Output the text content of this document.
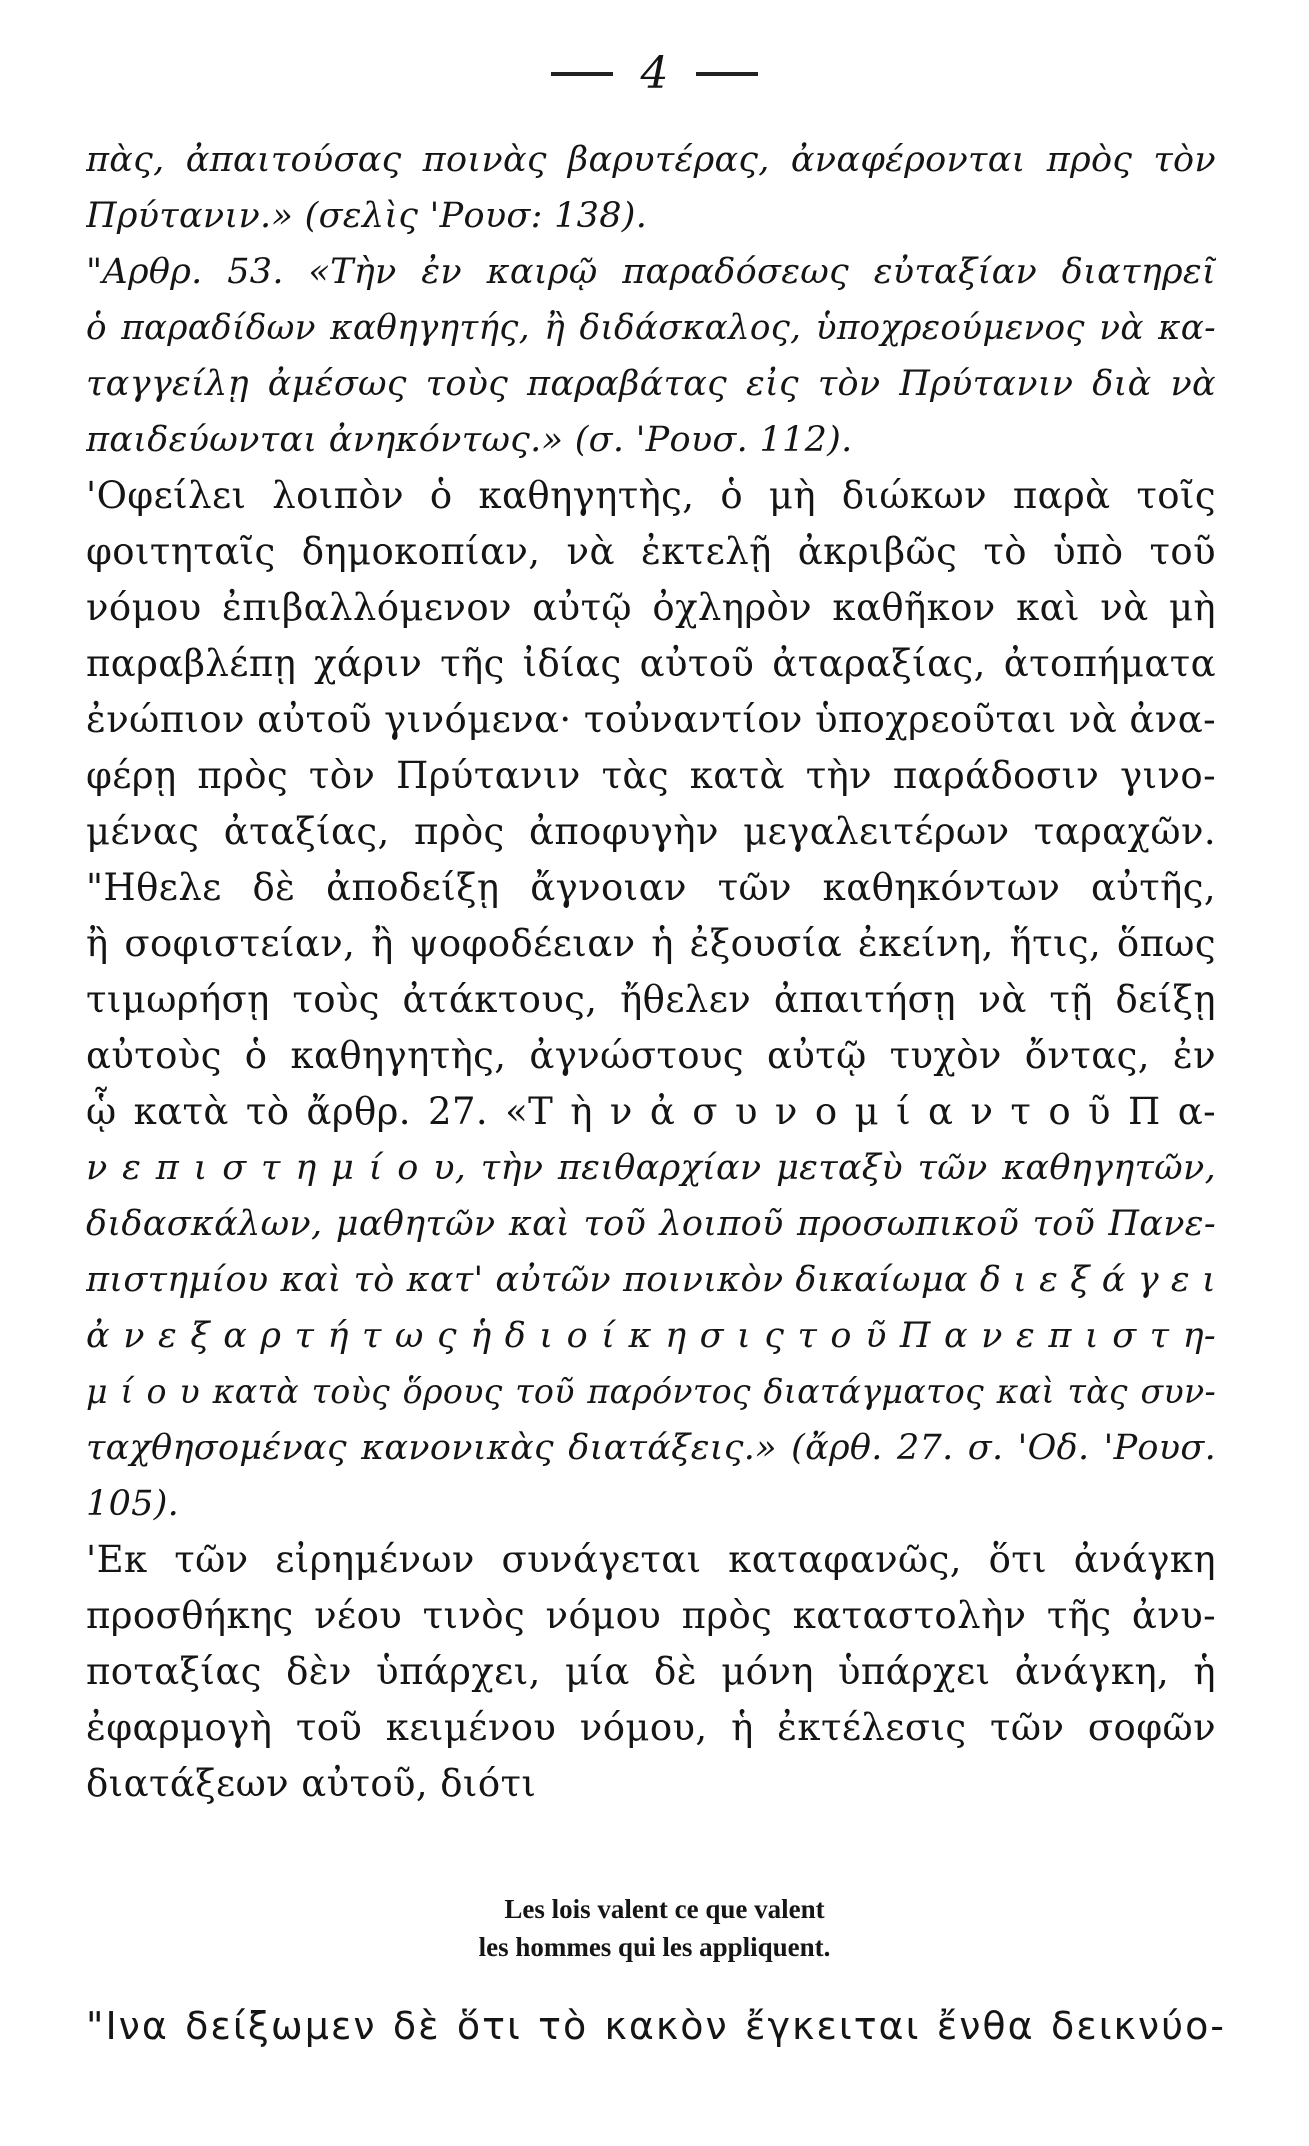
4
πὰς, ἀπαιτούσας ποινὰς βαρυτέρας, ἀναφέρονται πρὸς τὸν
Πρύτανιν.» (σελὶς 'Ρουσ: 138).
"Αρθρ. 53. «Τὴν ἐν καιρῷ παραδόσεως εὐταξίαν διατηρεῖ
ὁ παραδίδων καθηγητής, ἢ διδάσκαλος, ὑποχρεούμενος νὰ κα-
ταγγείλῃ ἀμέσως τοὺς παραβάτας εἰς τὸν Πρύτανιν διὰ νὰ
παιδεύωνται ἀνηκόντως.» (σ. 'Ρουσ. 112).
'Οφείλει λοιπὸν ὁ καθηγητὴς, ὁ μὴ διώκων παρὰ τοῖς
φοιτηταῖς δημοκοπίαν, νὰ ἐκτελῇ ἀκριβῶς τὸ ὑπὸ τοῦ
νόμου ἐπιβαλλόμενον αὐτῷ ὀχληρὸν καθῆκον καὶ νὰ μὴ
παραβλέπῃ χάριν τῆς ἰδίας αὐτοῦ ἀταραξίας, ἀτοπήματα
ἐνώπιον αὐτοῦ γινόμενα· τοὐναντίον ὑποχρεοῦται νὰ ἀνα-
φέρῃ πρὸς τὸν Πρύτανιν τὰς κατὰ τὴν παράδοσιν γινο-
μένας ἀταξίας, πρὸς ἀποφυγὴν μεγαλειτέρων ταραχῶν.
"Ηθελε δὲ ἀποδείξῃ ἄγνοιαν τῶν καθηκόντων αὐτῆς,
ἢ σοφιστείαν, ἢ ψοφοδέειαν ἡ ἐξουσία ἐκείνη, ἥτις, ὅπως
τιμωρήσῃ τοὺς ἀτάκτους, ἤθελεν ἀπαιτήσῃ νὰ τῇ δείξῃ
αὐτοὺς ὁ καθηγητὴς, ἀγνώστους αὐτῷ τυχὸν ὄντας, ἐν
ᾧ κατὰ τὸ ἄρθρ. 27. «Τ ὴ ν ἀ σ υ ν ο μ ί α ν τ ο ῦ Π α-
ν ε π ι σ τ η μ ί ο υ, τὴν πειθαρχίαν μεταξὺ τῶν καθηγητῶν,
διδασκάλων, μαθητῶν καὶ τοῦ λοιποῦ προσωπικοῦ τοῦ Πανε-
πιστημίου καὶ τὸ κατ' αὐτῶν ποινικὸν δικαίωμα δ ι ε ξ ά γ ε ι
ἀ ν ε ξ α ρ τ ή τ ω ς ἡ δ ι ο ί κ η σ ι ς τ ο ῦ Π α ν ε π ι σ τ η-
μ ί ο υ κατὰ τοὺς ὅρους τοῦ παρόντος διατάγματος καὶ τὰς συν-
ταχθησομένας κανονικὰς διατάξεις.» (ἄρθ. 27. σ. 'Οδ. 'Ρουσ.
105).
'Εκ τῶν εἰρημένων συνάγεται καταφανῶς, ὅτι ἀνάγκη
προσθήκης νέου τινὸς νόμου πρὸς καταστολὴν τῆς ἀνυ-
ποταξίας δὲν ὑπάρχει, μία δὲ μόνη ὑπάρχει ἀνάγκη, ἡ
ἐφαρμογὴ τοῦ κειμένου νόμου, ἡ ἐκτέλεσις τῶν σοφῶν
διατάξεων αὐτοῦ, διότι
Les lois valent ce que valent
les hommes qui les appliquent.
"Ινα δείξωμεν δὲ ὅτι τὸ κακὸν ἔγκειται ἔνθα δεικνύο-
